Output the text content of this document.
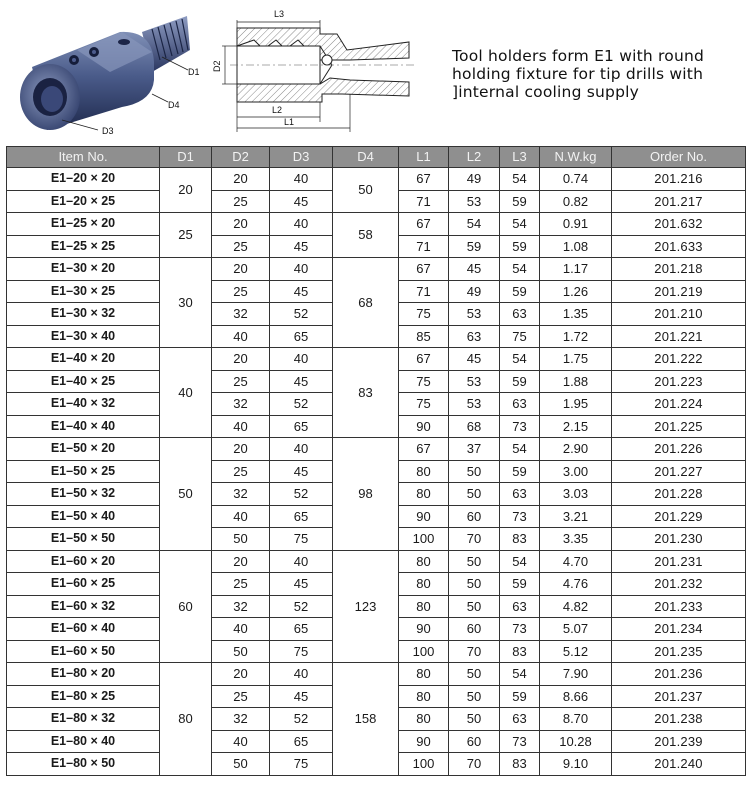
D1
D4
D3
L3
D2
L2
L1
Tool holders form E1 with round
holding fixture for tip drills with
]internal cooling supply
Item No.	D1	D2	D3	D4	L1	L2	L3	N.W.kg	Order No.
E1–20 × 20	20	20	40	50	67	49	54	0.74	201.216
E1–20 × 25		25	45		71	53	59	0.82	201.217
E1–25 × 20	25	20	40	58	67	54	54	0.91	201.632
E1–25 × 25		25	45		71	59	59	1.08	201.633
E1–30 × 20	30	20	40	68	67	45	54	1.17	201.218
E1–30 × 25		25	45		71	49	59	1.26	201.219
E1–30 × 32		32	52		75	53	63	1.35	201.210
E1–30 × 40		40	65		85	63	75	1.72	201.221
E1–40 × 20	40	20	40	83	67	45	54	1.75	201.222
E1–40 × 25		25	45		75	53	59	1.88	201.223
E1–40 × 32		32	52		75	53	63	1.95	201.224
E1–40 × 40		40	65		90	68	73	2.15	201.225
E1–50 × 20	50	20	40	98	67	37	54	2.90	201.226
E1–50 × 25		25	45		80	50	59	3.00	201.227
E1–50 × 32		32	52		80	50	63	3.03	201.228
E1–50 × 40		40	65		90	60	73	3.21	201.229
E1–50 × 50		50	75		100	70	83	3.35	201.230
E1–60 × 20	60	20	40	123	80	50	54	4.70	201.231
E1–60 × 25		25	45		80	50	59	4.76	201.232
E1–60 × 32		32	52		80	50	63	4.82	201.233
E1–60 × 40		40	65		90	60	73	5.07	201.234
E1–60 × 50		50	75		100	70	83	5.12	201.235
E1–80 × 20	80	20	40	158	80	50	54	7.90	201.236
E1–80 × 25		25	45		80	50	59	8.66	201.237
E1–80 × 32		32	52		80	50	63	8.70	201.238
E1–80 × 40		40	65		90	60	73	10.28	201.239
E1–80 × 50		50	75		100	70	83	9.10	201.240
